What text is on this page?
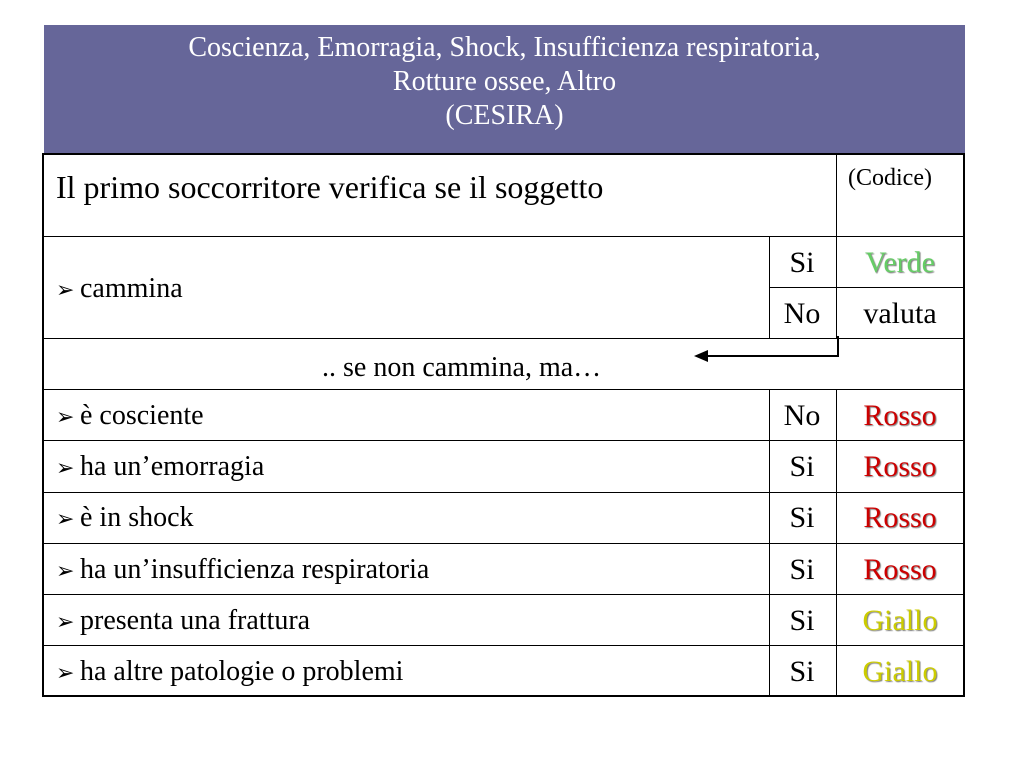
Coscienza, Emorragia, Shock, Insufficienza respiratoria,
Rotture ossee, Altro
(CESIRA)
Il primo soccorritore verifica se il soggetto	(Codice)
➢ cammina
Si	Verde
No	valuta
.. se non cammina, ma…
➢ è cosciente	No	Rosso
➢ ha un’emorragia	Si	Rosso
➢ è in shock	Si	Rosso
➢ ha un’insufficienza respiratoria	Si	Rosso
➢ presenta una frattura	Si	Giallo
➢ ha altre patologie o problemi	Si	Giallo
